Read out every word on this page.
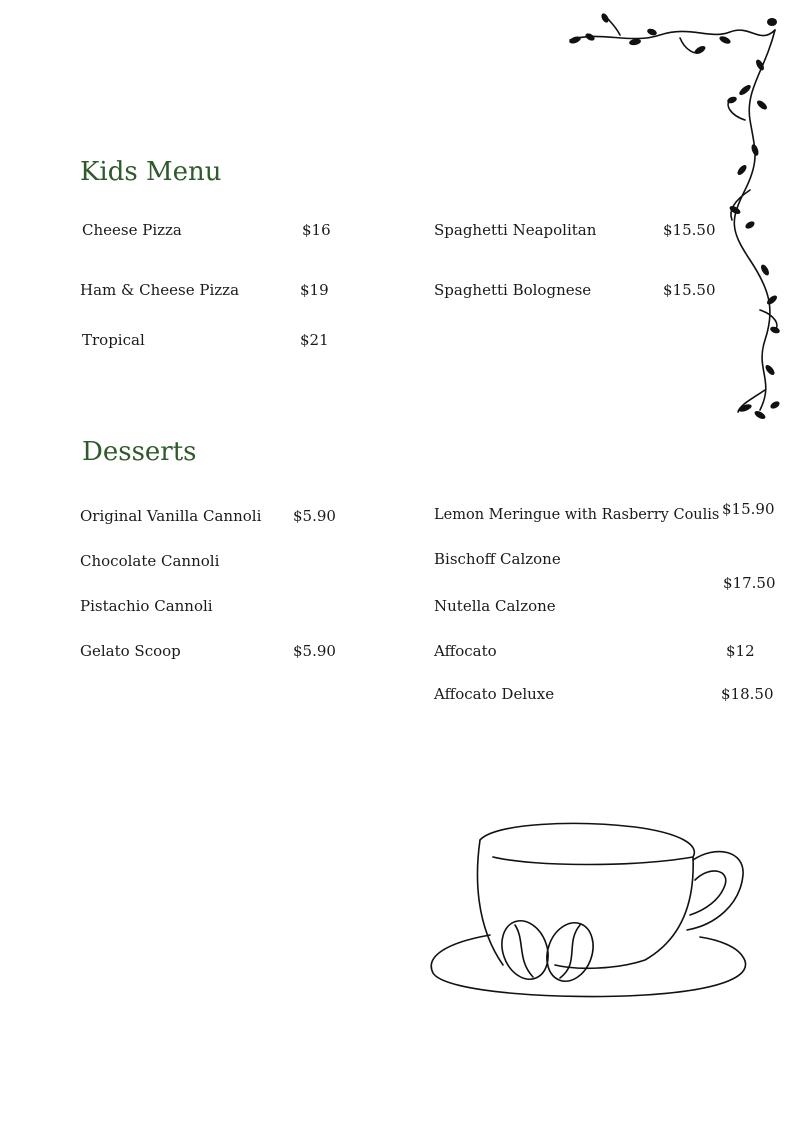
Kids Menu
Cheese Pizza	$16
Ham & Cheese Pizza	$19
Tropical	$21
Spaghetti Neapolitan	$15.50
Spaghetti Bolognese	$15.50
Desserts
Original Vanilla Cannoli $5.90
Chocolate Cannoli
Pistachio Cannoli
Gelato Scoop	$5.90
Lemon Meringue with Rasberry Coulis $15.90
Bischoff Calzone
$17.50
Nutella Calzone
Affocato	$12
Affocato Deluxe	$18.50
